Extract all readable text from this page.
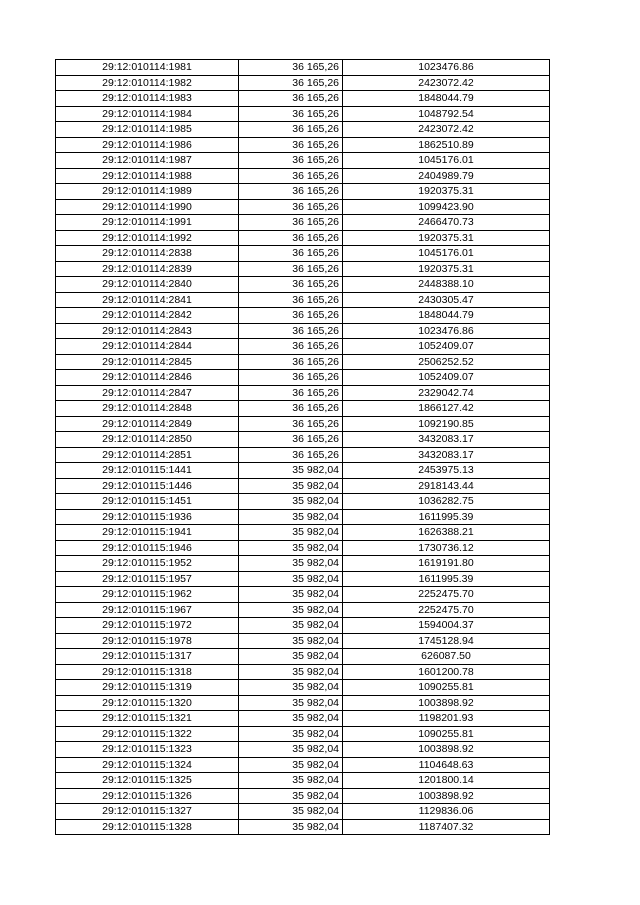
29:12:010114:1981	36 165,26	1023476.86
29:12:010114:1982	36 165,26	2423072.42
29:12:010114:1983	36 165,26	1848044.79
29:12:010114:1984	36 165,26	1048792.54
29:12:010114:1985	36 165,26	2423072.42
29:12:010114:1986	36 165,26	1862510.89
29:12:010114:1987	36 165,26	1045176.01
29:12:010114:1988	36 165,26	2404989.79
29:12:010114:1989	36 165,26	1920375.31
29:12:010114:1990	36 165,26	1099423.90
29:12:010114:1991	36 165,26	2466470.73
29:12:010114:1992	36 165,26	1920375.31
29:12:010114:2838	36 165,26	1045176.01
29:12:010114:2839	36 165,26	1920375.31
29:12:010114:2840	36 165,26	2448388.10
29:12:010114:2841	36 165,26	2430305.47
29:12:010114:2842	36 165,26	1848044.79
29:12:010114:2843	36 165,26	1023476.86
29:12:010114:2844	36 165,26	1052409.07
29:12:010114:2845	36 165,26	2506252.52
29:12:010114:2846	36 165,26	1052409.07
29:12:010114:2847	36 165,26	2329042.74
29:12:010114:2848	36 165,26	1866127.42
29:12:010114:2849	36 165,26	1092190.85
29:12:010114:2850	36 165,26	3432083.17
29:12:010114:2851	36 165,26	3432083.17
29:12:010115:1441	35 982,04	2453975.13
29:12:010115:1446	35 982,04	2918143.44
29:12:010115:1451	35 982,04	1036282.75
29:12:010115:1936	35 982,04	1611995.39
29:12:010115:1941	35 982,04	1626388.21
29:12:010115:1946	35 982,04	1730736.12
29:12:010115:1952	35 982,04	1619191.80
29:12:010115:1957	35 982,04	1611995.39
29:12:010115:1962	35 982,04	2252475.70
29:12:010115:1967	35 982,04	2252475.70
29:12:010115:1972	35 982,04	1594004.37
29:12:010115:1978	35 982,04	1745128.94
29:12:010115:1317	35 982,04	626087.50
29:12:010115:1318	35 982,04	1601200.78
29:12:010115:1319	35 982,04	1090255.81
29:12:010115:1320	35 982,04	1003898.92
29:12:010115:1321	35 982,04	1198201.93
29:12:010115:1322	35 982,04	1090255.81
29:12:010115:1323	35 982,04	1003898.92
29:12:010115:1324	35 982,04	1104648.63
29:12:010115:1325	35 982,04	1201800.14
29:12:010115:1326	35 982,04	1003898.92
29:12:010115:1327	35 982,04	1129836.06
29:12:010115:1328	35 982,04	1187407.32
